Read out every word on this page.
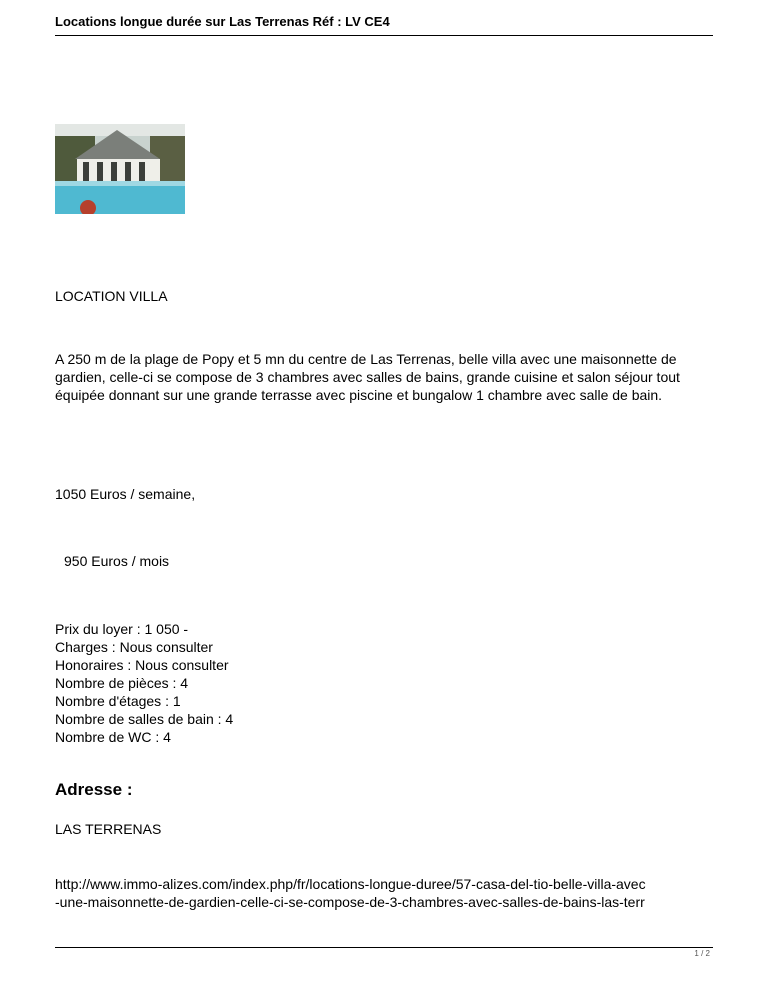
Locations longue durée sur Las Terrenas Réf : LV CE4
LOCATION VILLA
A 250 m de la plage de Popy et 5 mn du centre de Las Terrenas, belle villa avec une maisonnette de gardien, celle-ci se compose de 3 chambres avec salles de bains, grande cuisine et salon séjour tout équipée donnant sur une grande terrasse avec piscine et bungalow 1 chambre avec salle de bain.
1050 Euros / semaine,
950 Euros / mois
Prix du loyer : 1 050 -
Charges : Nous consulter
Honoraires : Nous consulter
Nombre de pièces : 4
Nombre d'étages : 1
Nombre de salles de bain : 4
Nombre de WC : 4
Adresse :
LAS TERRENAS
http://www.immo-alizes.com/index.php/fr/locations-longue-duree/57-casa-del-tio-belle-villa-avec
-une-maisonnette-de-gardien-celle-ci-se-compose-de-3-chambres-avec-salles-de-bains-las-terr
1 / 2
